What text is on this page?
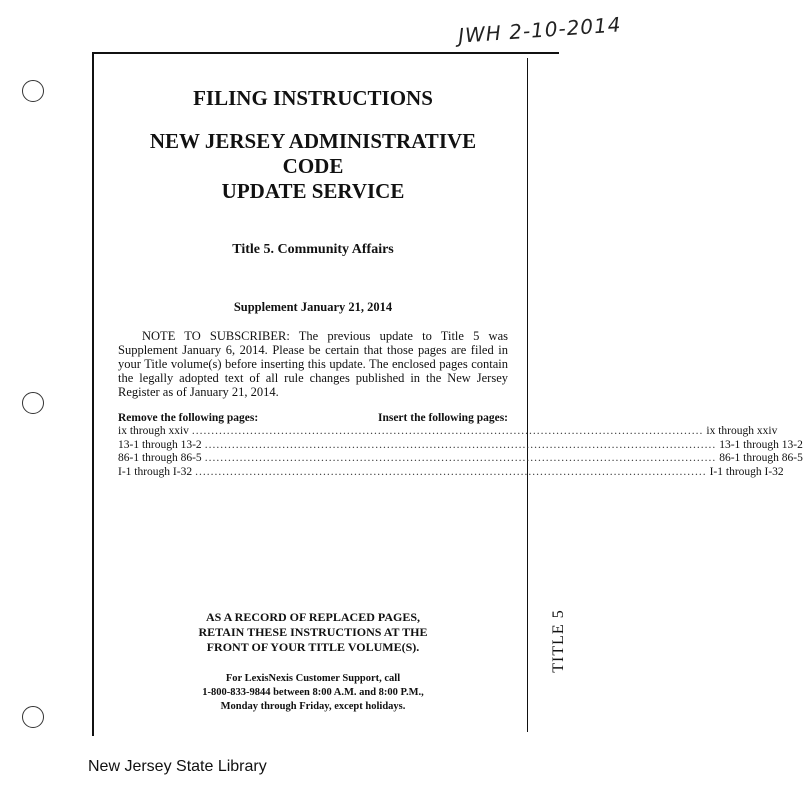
JWH 2-10-2014
TITLE 5
FILING INSTRUCTIONS
NEW JERSEY ADMINISTRATIVE CODE
UPDATE SERVICE
Title 5. Community Affairs
Supplement January 21, 2014

NOTE TO SUBSCRIBER: The previous update to Title 5 was Supplement January 6, 2014. Please be certain that those pages are filed in your Title volume(s) before inserting this update. The enclosed pages contain the legally adopted text of all rule changes published in the New Jersey Register as of January 21, 2014.

Remove the following pages:	Insert the following pages:
ix through xxiv .................................................................................................................................... ix through xxiv
13-1 through 13-2 .................................................................................................................................... 13-1 through 13-2
86-1 through 86-5 .................................................................................................................................... 86-1 through 86-5
I-1 through I-32 .................................................................................................................................... I-1 through I-32
AS A RECORD OF REPLACED PAGES,
RETAIN THESE INSTRUCTIONS AT THE
FRONT OF YOUR TITLE VOLUME(S).
For LexisNexis Customer Support, call
1-800-833-9844 between 8:00 A.M. and 8:00 P.M.,
Monday through Friday, except holidays.
New Jersey State Library
